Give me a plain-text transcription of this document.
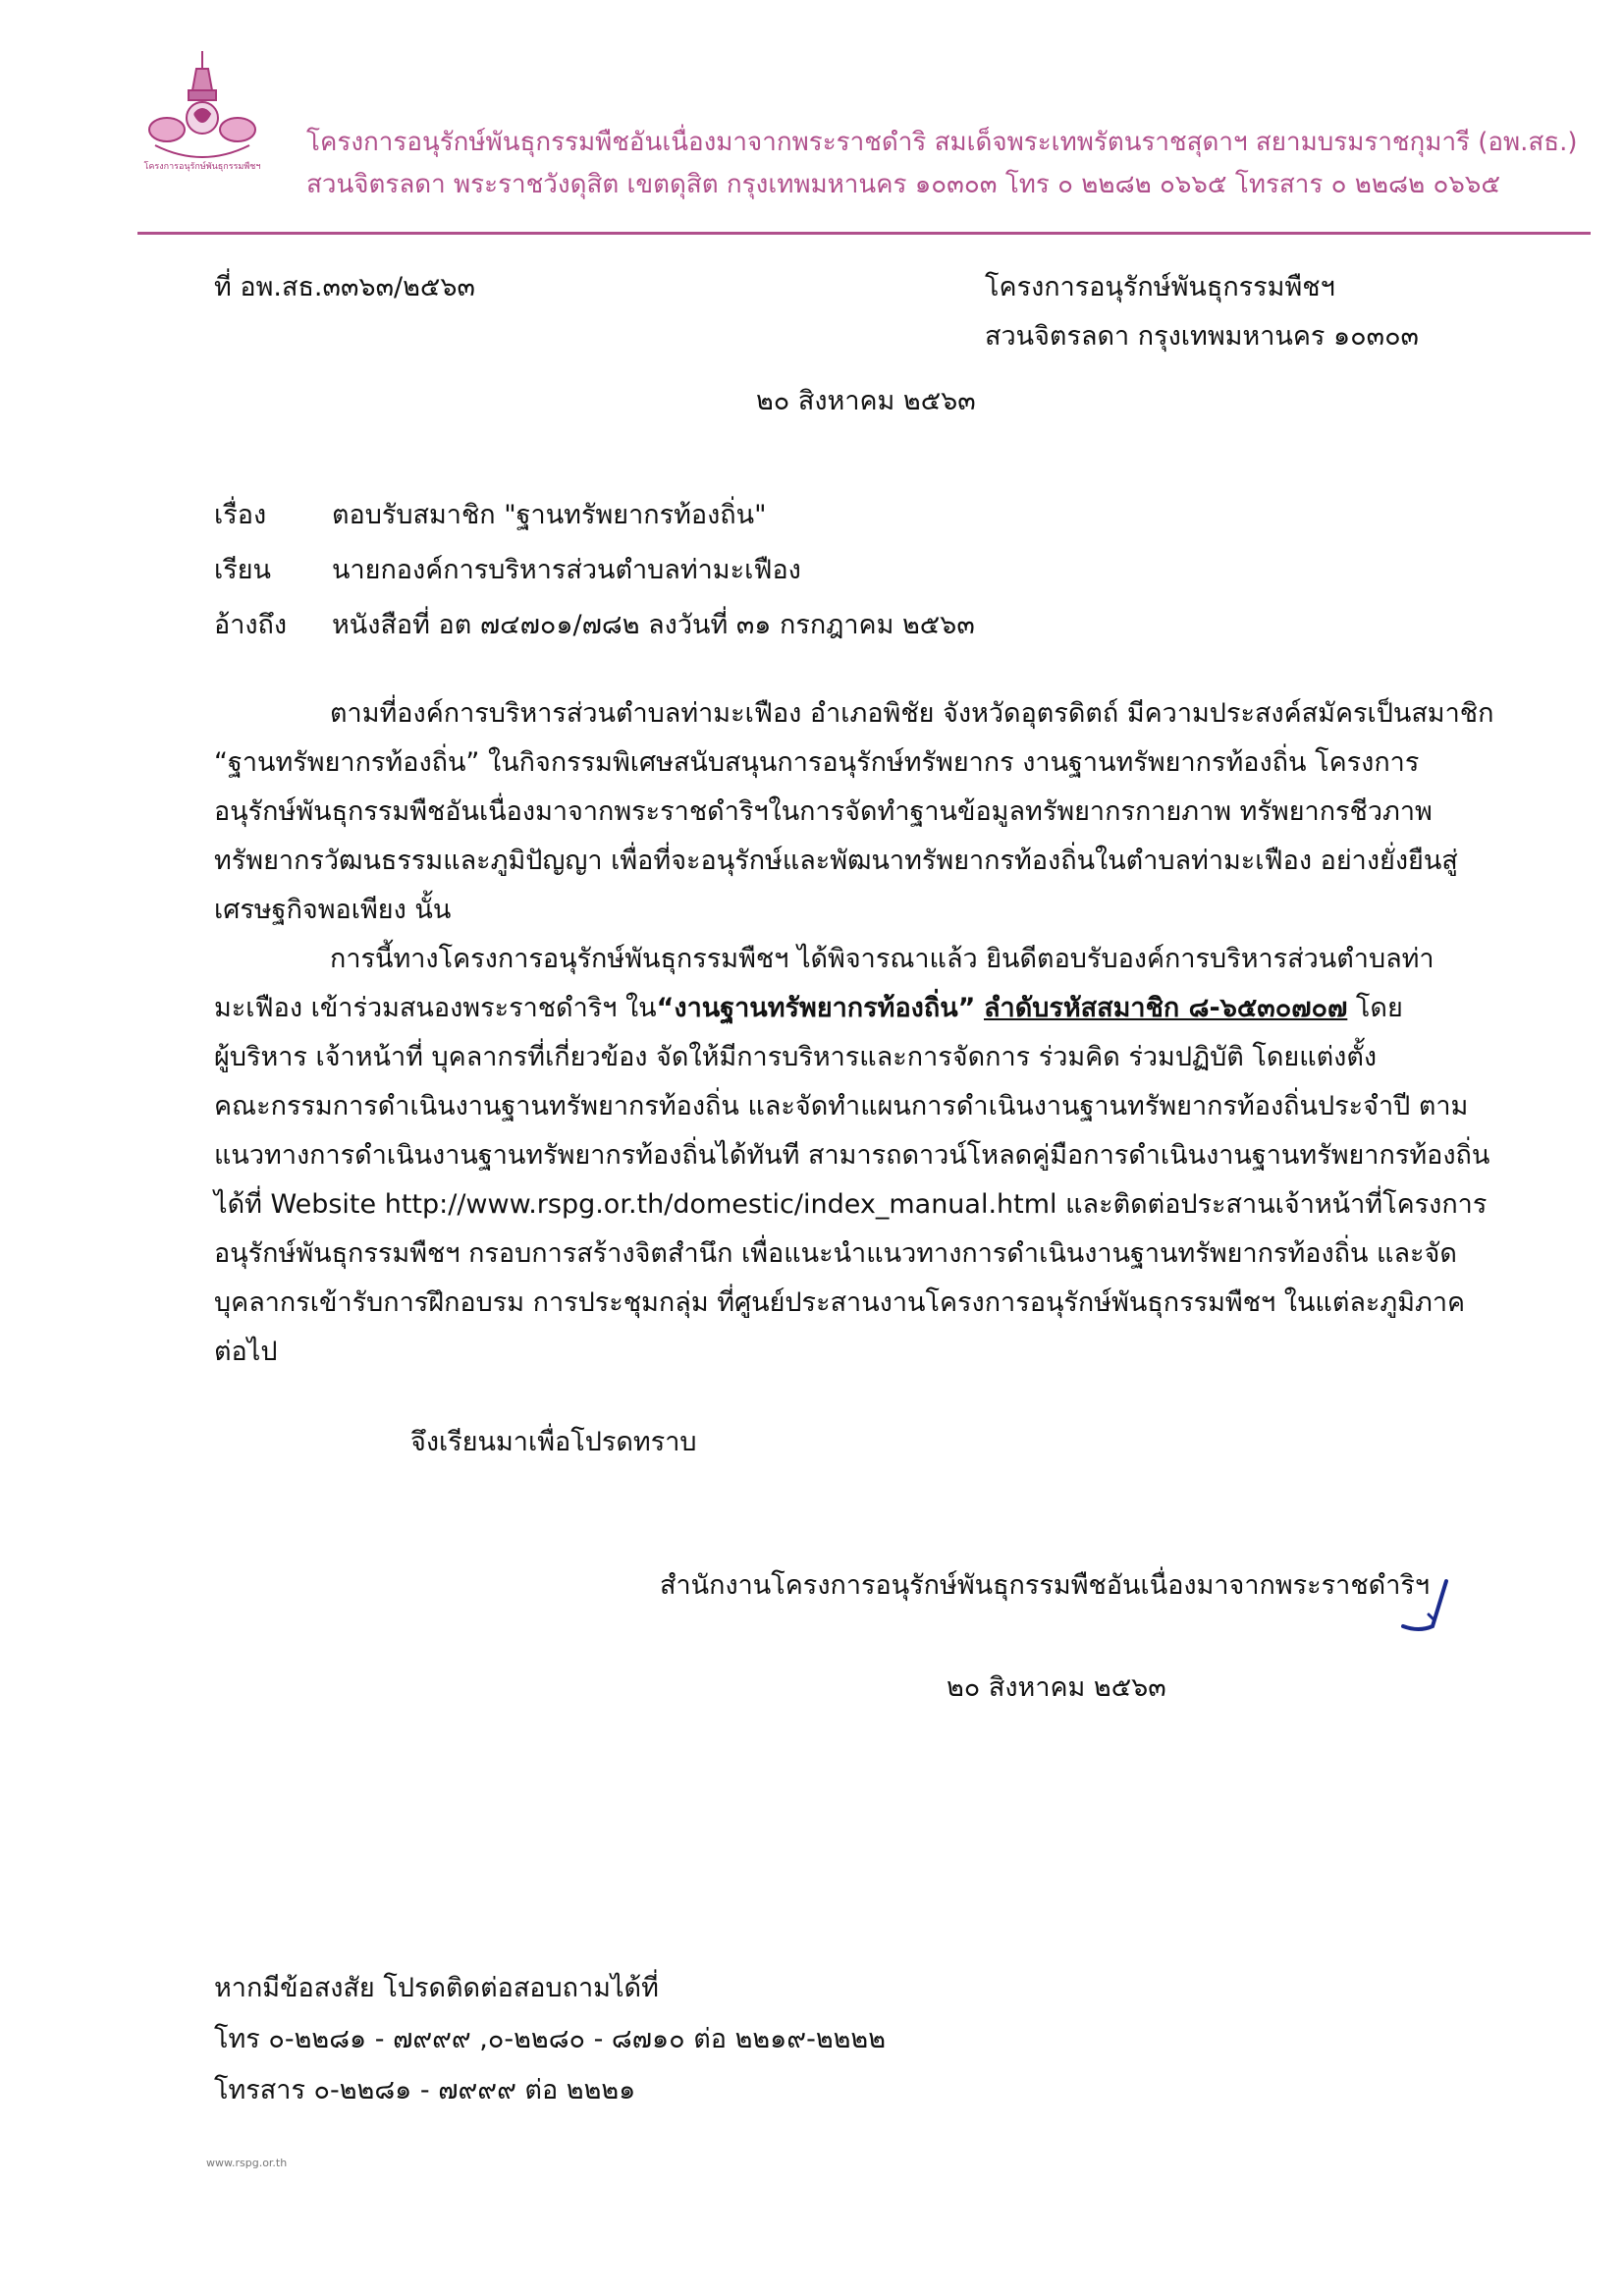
โครงการอนุรักษ์พันธุกรรมพืชฯ
โครงการอนุรักษ์พันธุกรรมพืชอันเนื่องมาจากพระราชดำริ สมเด็จพระเทพรัตนราชสุดาฯ สยามบรมราชกุมารี (อพ.สธ.)
สวนจิตรลดา พระราชวังดุสิต เขตดุสิต กรุงเทพมหานคร ๑๐๓๐๓ โทร ๐ ๒๒๘๒ ๐๖๖๕ โทรสาร ๐ ๒๒๘๒ ๐๖๖๕
ที่ อพ.สธ.๓๓๖๓/๒๕๖๓	โครงการอนุรักษ์พันธุกรรมพืชฯ
สวนจิตรลดา กรุงเทพมหานคร ๑๐๓๐๓
๒๐ สิงหาคม ๒๕๖๓
เรื่อง ตอบรับสมาชิก "ฐานทรัพยากรท้องถิ่น"
เรียน นายกองค์การบริหารส่วนตำบลท่ามะเฟือง
อ้างถึง หนังสือที่ อต ๗๔๗๐๑/๗๘๒ ลงวันที่ ๓๑ กรกฎาคม ๒๕๖๓
ตามที่องค์การบริหารส่วนตำบลท่ามะเฟือง อำเภอพิชัย จังหวัดอุตรดิตถ์ มีความประสงค์สมัครเป็นสมาชิก
“ฐานทรัพยากรท้องถิ่น” ในกิจกรรมพิเศษสนับสนุนการอนุรักษ์ทรัพยากร งานฐานทรัพยากรท้องถิ่น โครงการ
อนุรักษ์พันธุกรรมพืชอันเนื่องมาจากพระราชดำริฯในการจัดทำฐานข้อมูลทรัพยากรกายภาพ ทรัพยากรชีวภาพ
ทรัพยากรวัฒนธรรมและภูมิปัญญา เพื่อที่จะอนุรักษ์และพัฒนาทรัพยากรท้องถิ่นในตำบลท่ามะเฟือง อย่างยั่งยืนสู่
เศรษฐกิจพอเพียง นั้น
การนี้ทางโครงการอนุรักษ์พันธุกรรมพืชฯ ได้พิจารณาแล้ว ยินดีตอบรับองค์การบริหารส่วนตำบลท่า
มะเฟือง เข้าร่วมสนองพระราชดำริฯ ใน“งานฐานทรัพยากรท้องถิ่น” ลำดับรหัสสมาชิก ๘-๖๕๓๐๗๐๗ โดย
ผู้บริหาร เจ้าหน้าที่ บุคลากรที่เกี่ยวข้อง จัดให้มีการบริหารและการจัดการ ร่วมคิด ร่วมปฏิบัติ โดยแต่งตั้ง
คณะกรรมการดำเนินงานฐานทรัพยากรท้องถิ่น และจัดทำแผนการดำเนินงานฐานทรัพยากรท้องถิ่นประจำปี ตาม
แนวทางการดำเนินงานฐานทรัพยากรท้องถิ่นได้ทันที สามารถดาวน์โหลดคู่มือการดำเนินงานฐานทรัพยากรท้องถิ่น
ได้ที่ Website http://www.rspg.or.th/domestic/index_manual.html และติดต่อประสานเจ้าหน้าที่โครงการ
อนุรักษ์พันธุกรรมพืชฯ กรอบการสร้างจิตสำนึก เพื่อแนะนำแนวทางการดำเนินงานฐานทรัพยากรท้องถิ่น และจัด
บุคลากรเข้ารับการฝึกอบรม การประชุมกลุ่ม ที่ศูนย์ประสานงานโครงการอนุรักษ์พันธุกรรมพืชฯ ในแต่ละภูมิภาค
ต่อไป
จึงเรียนมาเพื่อโปรดทราบ
สำนักงานโครงการอนุรักษ์พันธุกรรมพืชอันเนื่องมาจากพระราชดำริฯ
๒๐ สิงหาคม ๒๕๖๓
หากมีข้อสงสัย โปรดติดต่อสอบถามได้ที่
โทร ๐-๒๒๘๑ - ๗๙๙๙ ,๐-๒๒๘๐ - ๘๗๑๐ ต่อ ๒๒๑๙-๒๒๒๒
โทรสาร ๐-๒๒๘๑ - ๗๙๙๙ ต่อ ๒๒๒๑
www.rspg.or.th
